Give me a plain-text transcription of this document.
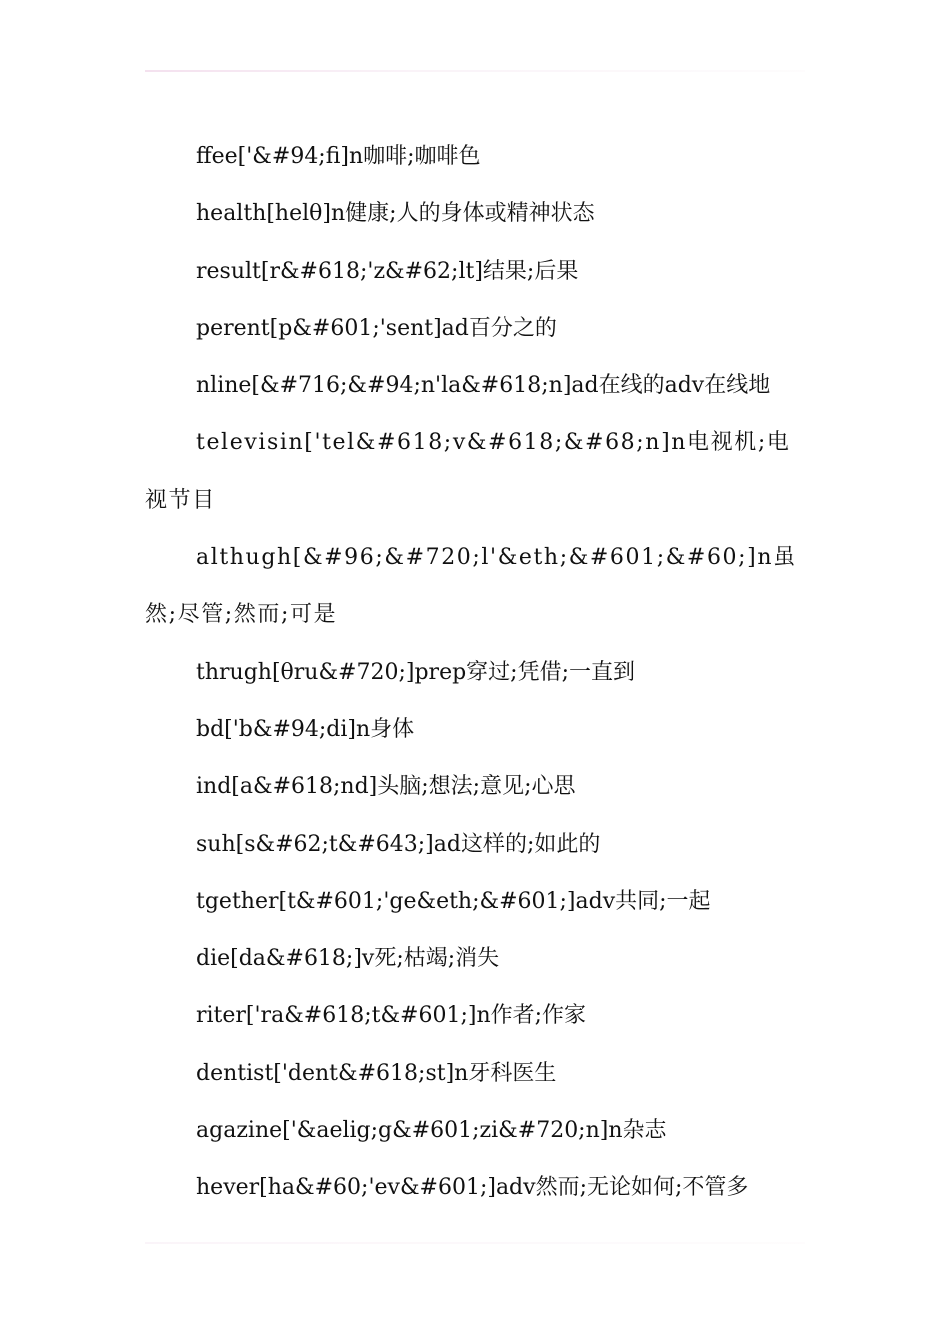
ffee['&#94;fi]n咖啡;咖啡色
health[helθ]n健康;人的身体或精神状态
result[r&#618;'z&#62;lt]结果;后果
perent[p&#601;'sent]ad百分之的
nline[&#716;&#94;n'la&#618;n]ad在线的adv在线地
televisin['tel&#618;v&#618;&#68;n]n电视机;电视节目
althugh[&#96;&#720;l'&eth;&#601;&#60;]n虽然;尽管;然而;可是
thrugh[θru&#720;]prep穿过;凭借;一直到
bd['b&#94;di]n身体
ind[a&#618;nd]头脑;想法;意见;心思
suh[s&#62;t&#643;]ad这样的;如此的
tgether[t&#601;'ge&eth;&#601;]adv共同;一起
die[da&#618;]v死;枯竭;消失
riter['ra&#618;t&#601;]n作者;作家
dentist['dent&#618;st]n牙科医生
agazine['&aelig;g&#601;zi&#720;n]n杂志
hever[ha&#60;'ev&#601;]adv然而;无论如何;不管多
